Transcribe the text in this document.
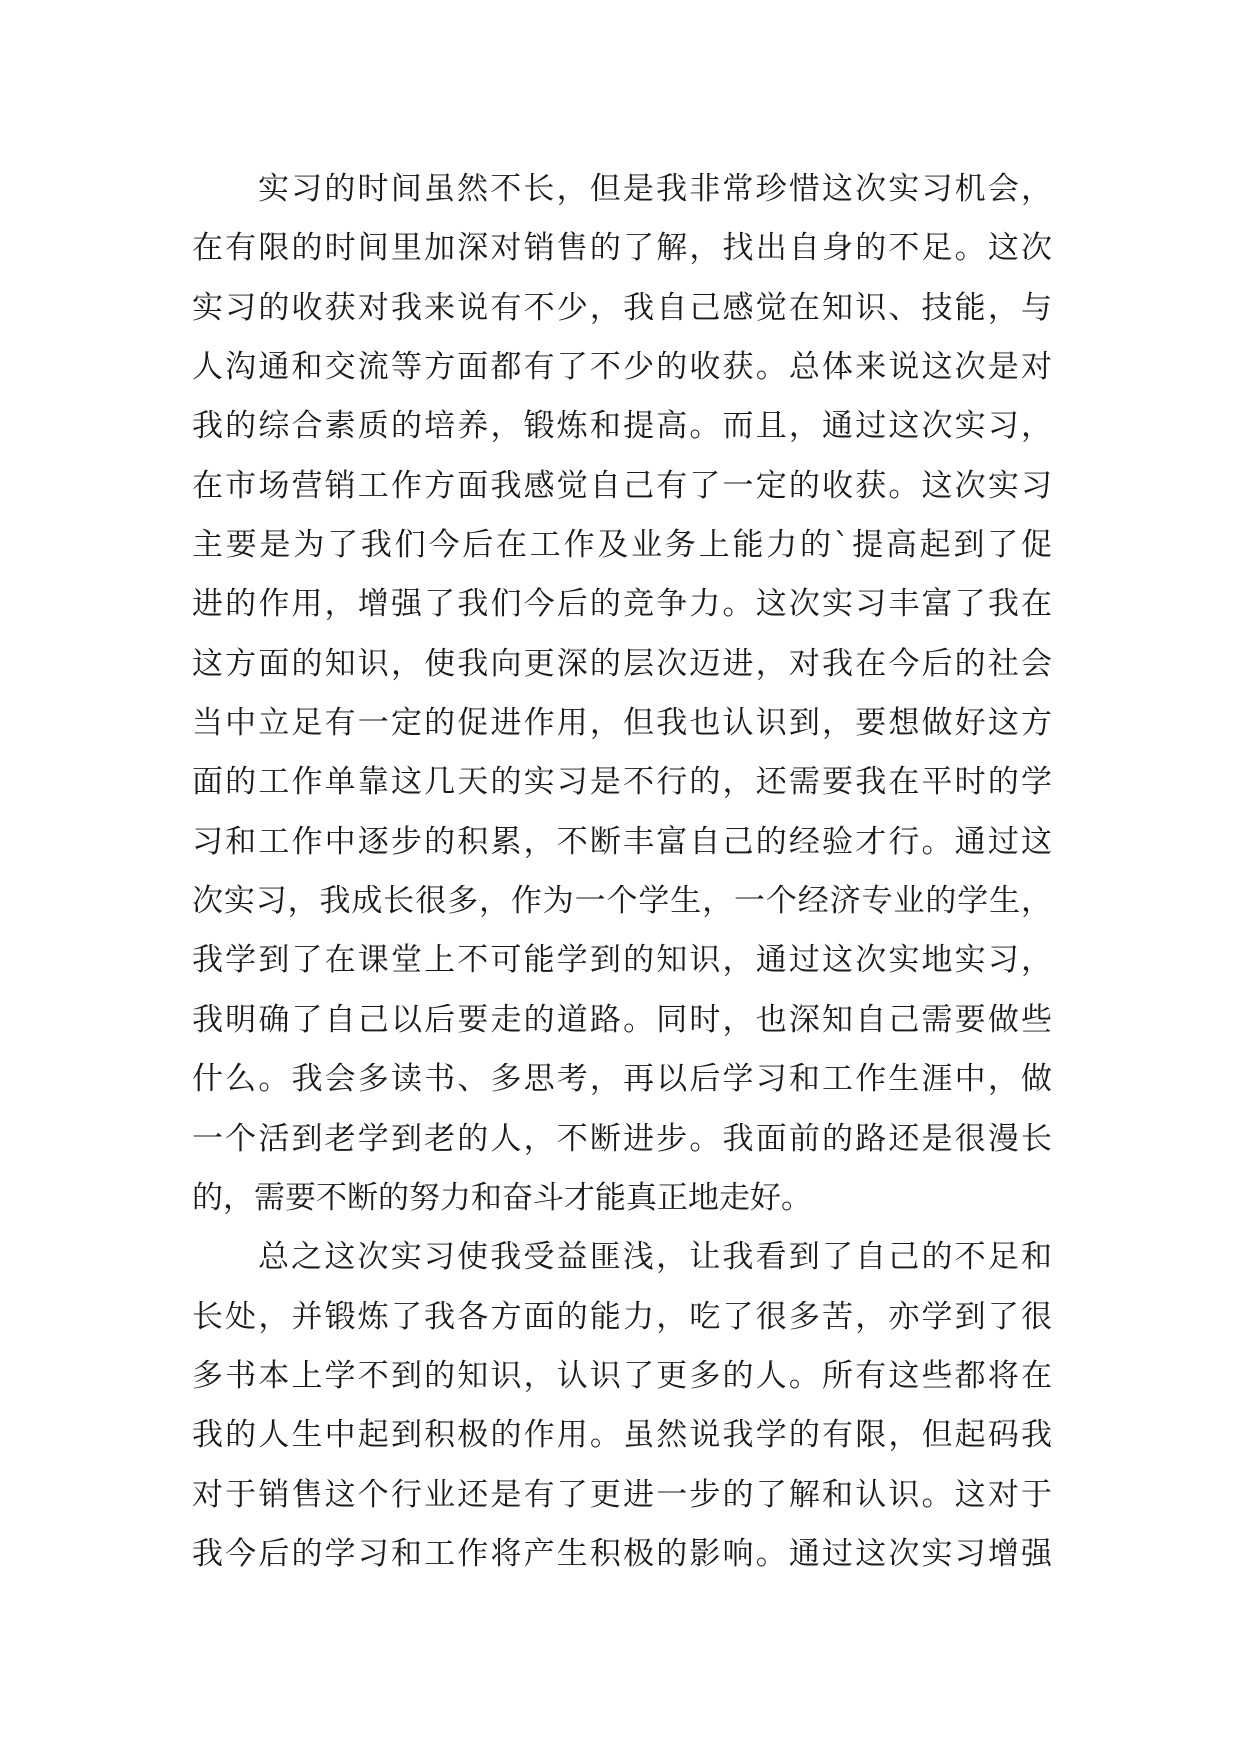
实习的时间虽然不长，但是我非常珍惜这次实习机会，
在有限的时间里加深对销售的了解，找出自身的不足。这次
实习的收获对我来说有不少，我自己感觉在知识、技能，与
人沟通和交流等方面都有了不少的收获。总体来说这次是对
我的综合素质的培养，锻炼和提高。而且，通过这次实习，
在市场营销工作方面我感觉自己有了一定的收获。这次实习
主要是为了我们今后在工作及业务上能力的`提高起到了促
进的作用，增强了我们今后的竞争力。这次实习丰富了我在
这方面的知识，使我向更深的层次迈进，对我在今后的社会
当中立足有一定的促进作用，但我也认识到，要想做好这方
面的工作单靠这几天的实习是不行的，还需要我在平时的学
习和工作中逐步的积累，不断丰富自己的经验才行。通过这
次实习，我成长很多，作为一个学生，一个经济专业的学生，
我学到了在课堂上不可能学到的知识，通过这次实地实习，
我明确了自己以后要走的道路。同时，也深知自己需要做些
什么。我会多读书、多思考，再以后学习和工作生涯中，做
一个活到老学到老的人，不断进步。我面前的路还是很漫长
的，需要不断的努力和奋斗才能真正地走好。
总之这次实习使我受益匪浅，让我看到了自己的不足和
长处，并锻炼了我各方面的能力，吃了很多苦，亦学到了很
多书本上学不到的知识，认识了更多的人。所有这些都将在
我的人生中起到积极的作用。虽然说我学的有限，但起码我
对于销售这个行业还是有了更进一步的了解和认识。这对于
我今后的学习和工作将产生积极的影响。通过这次实习增强
